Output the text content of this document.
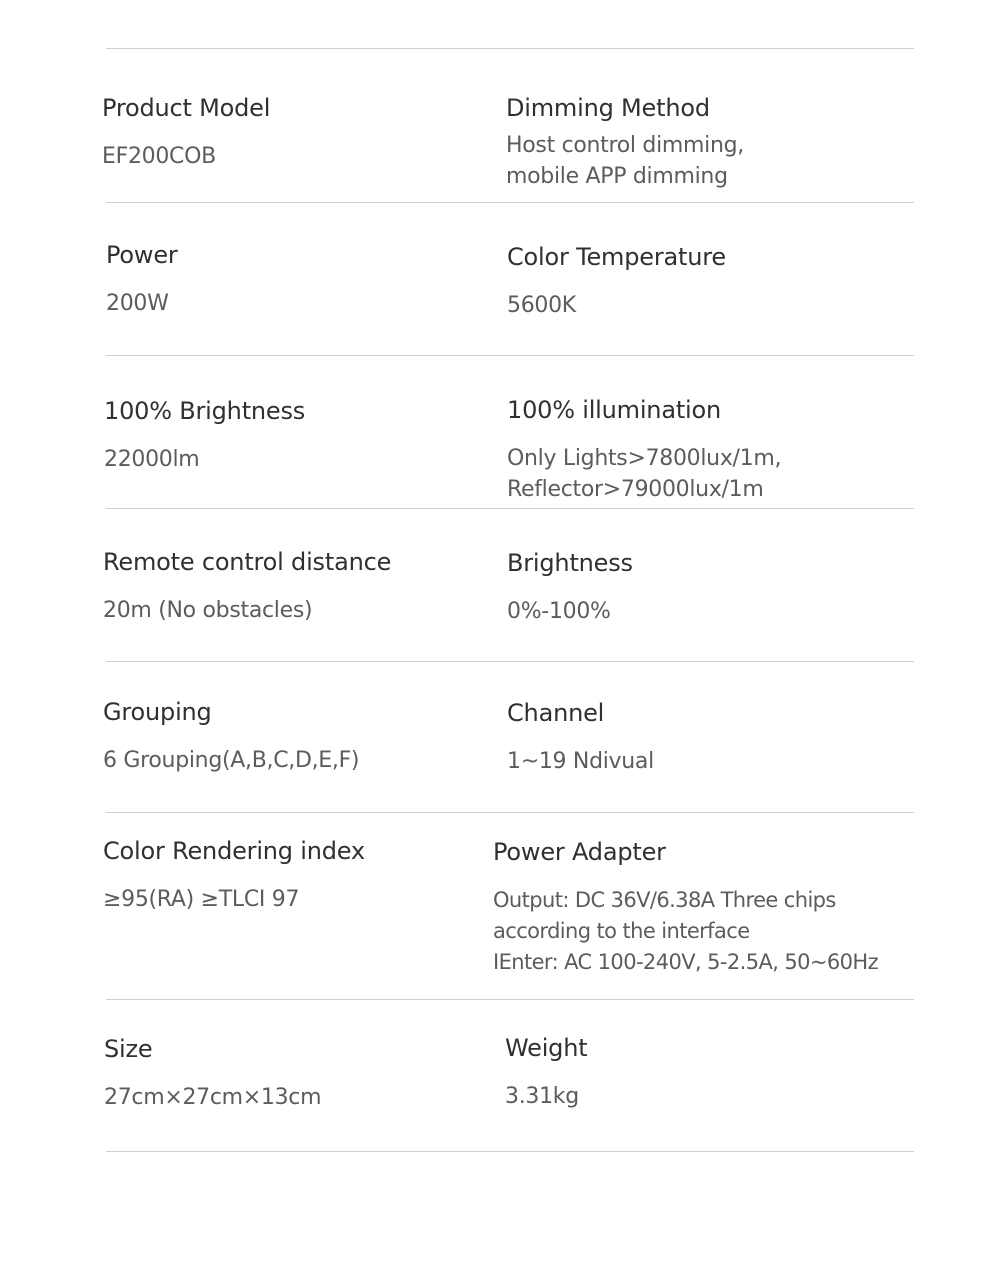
Product Model
EF200COB
Dimming Method
Host control dimming,
mobile APP dimming
Power
200W
Color Temperature
5600K
100% Brightness
22000lm
100% illumination
Only Lights>7800lux/1m,
Reflector>79000lux/1m
Remote control distance
20m (No obstacles)
Brightness
0%-100%
Grouping
6 Grouping(A,B,C,D,E,F)
Channel
1~19 Ndivual
Color Rendering index
≥95(RA) ≥TLCI 97
Power Adapter
Output: DC 36V/6.38A Three chips
according to the interface
IEnter: AC 100-240V, 5-2.5A, 50~60Hz
Size
27cm×27cm×13cm
Weight
3.31kg
